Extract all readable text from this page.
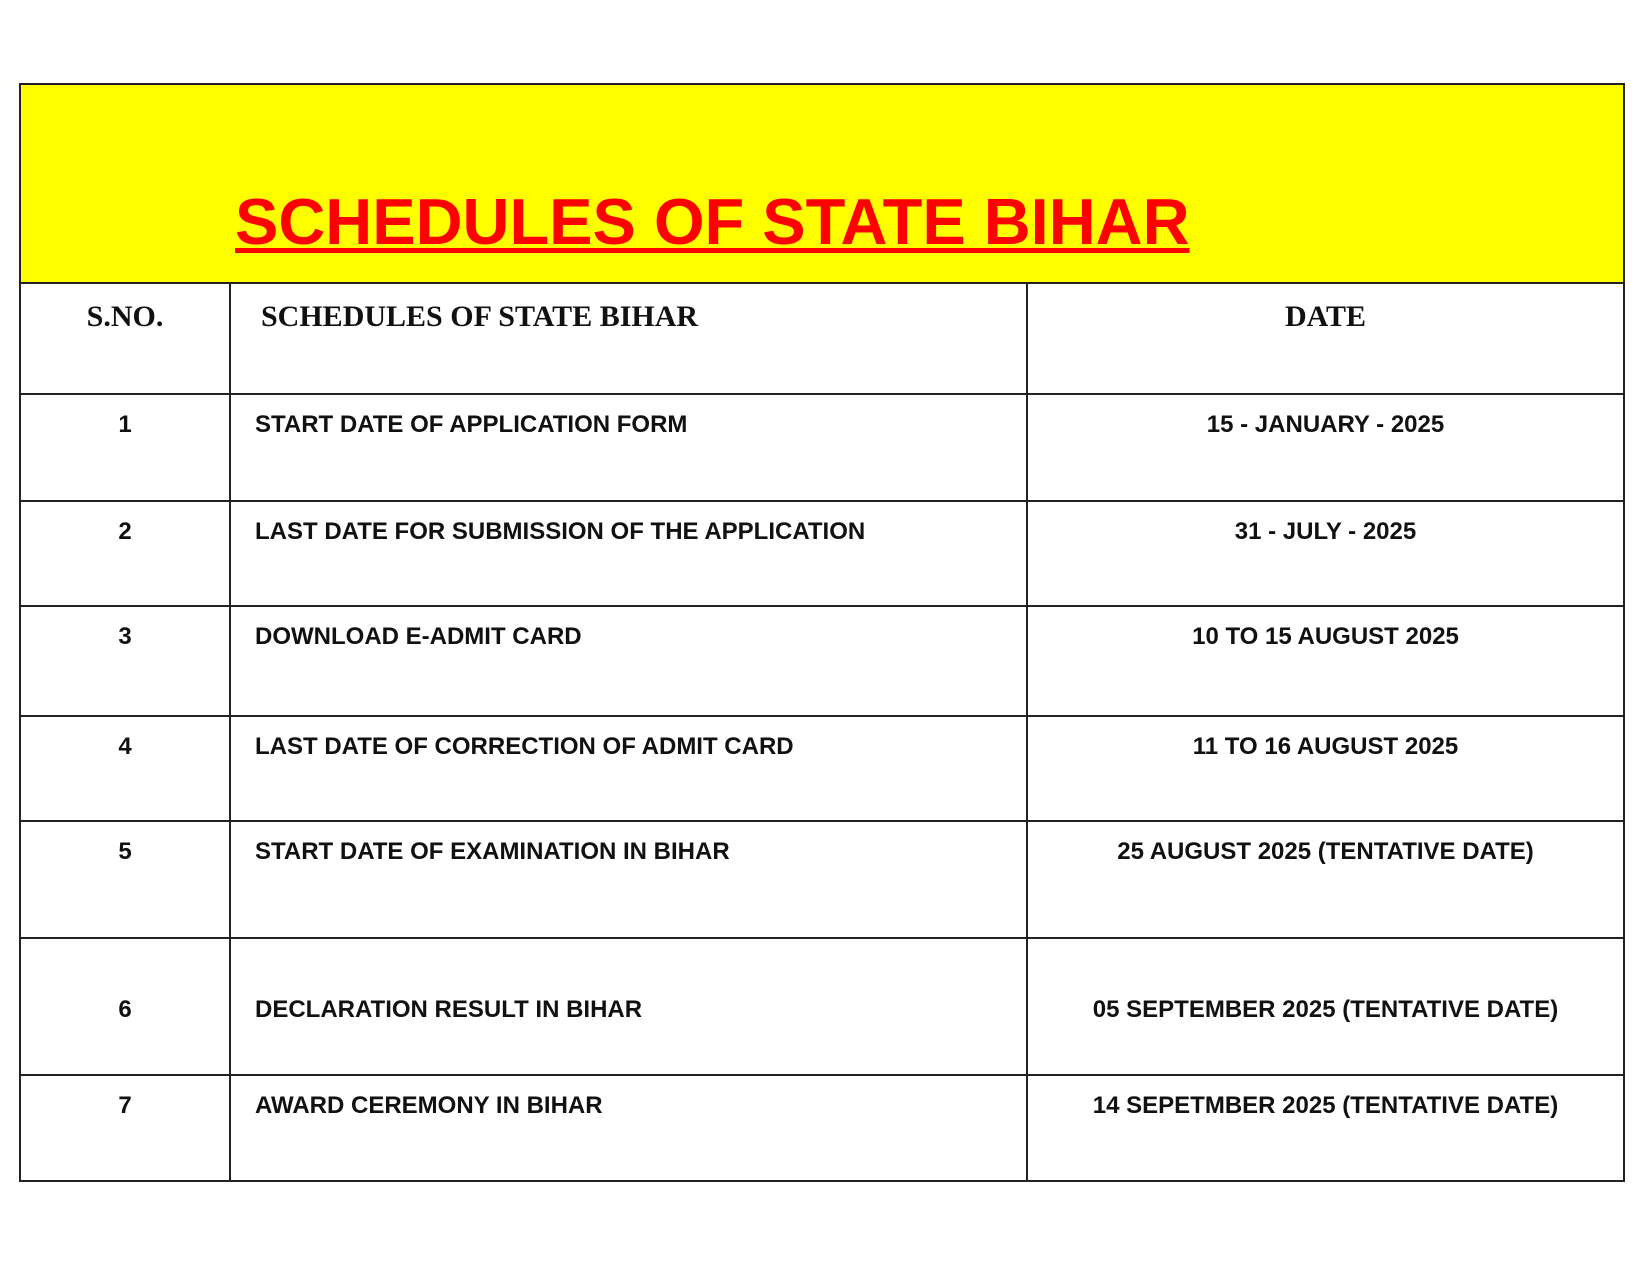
SCHEDULES OF STATE BIHAR
S.NO.	SCHEDULES OF STATE BIHAR	DATE
1	START DATE OF APPLICATION FORM	15 - JANUARY - 2025
2	LAST DATE FOR SUBMISSION OF THE APPLICATION	31 - JULY - 2025
3	DOWNLOAD E-ADMIT CARD	10 TO 15 AUGUST 2025
4	LAST DATE OF CORRECTION OF ADMIT CARD	11 TO 16 AUGUST 2025
5	START DATE OF EXAMINATION IN BIHAR	25 AUGUST 2025 (TENTATIVE DATE)
6	DECLARATION RESULT IN BIHAR	05 SEPTEMBER 2025 (TENTATIVE DATE)
7	AWARD CEREMONY IN BIHAR	14 SEPETMBER 2025 (TENTATIVE DATE)
